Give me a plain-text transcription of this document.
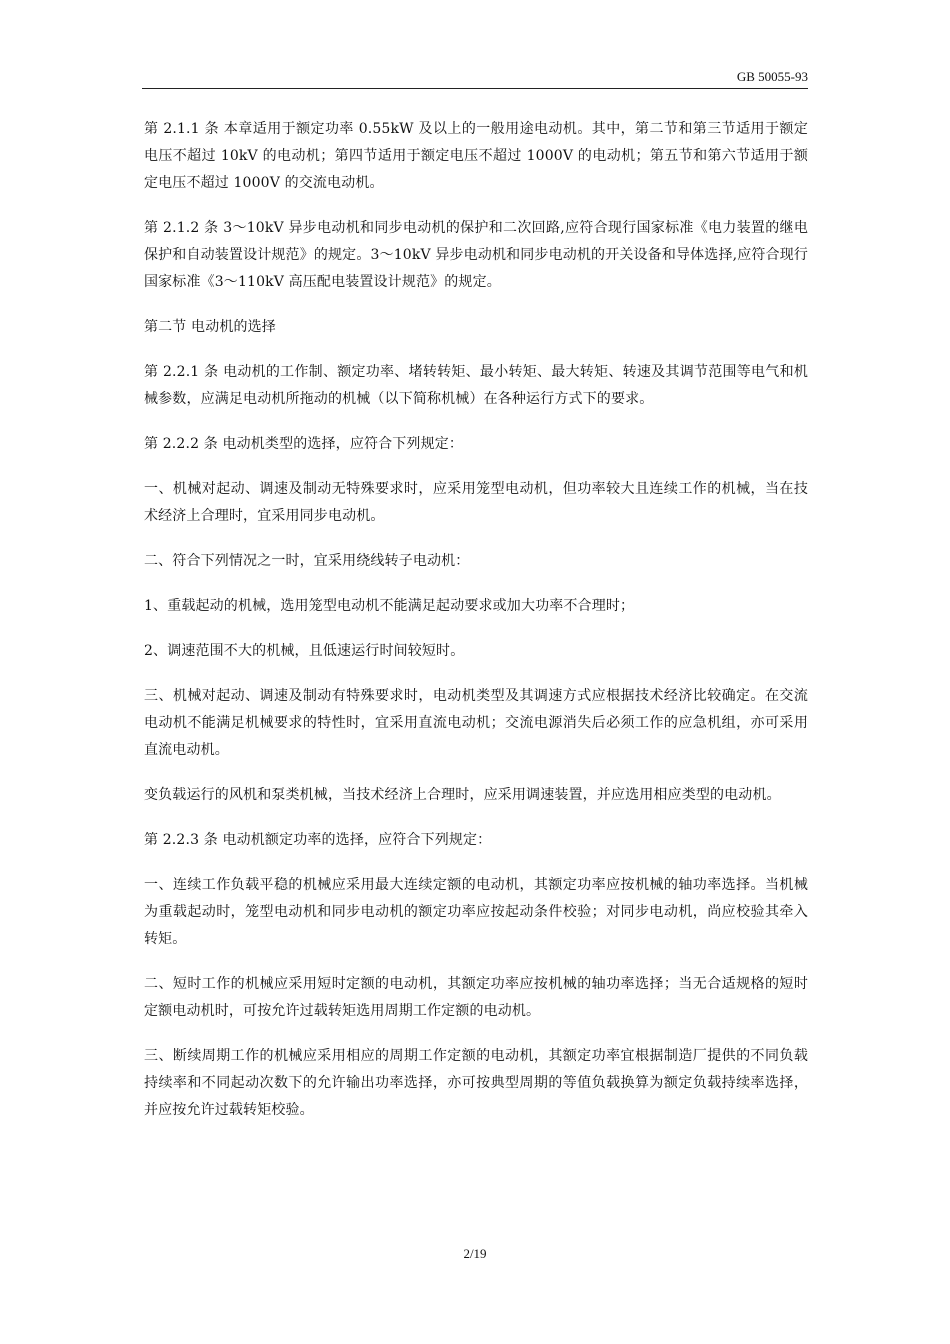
GB 50055-93

第 2.1.1 条 本章适用于额定功率 0.55kW 及以上的一般用途电动机。其中，第二节和第三节适用于额定电压不超过 10kV 的电动机；第四节适用于额定电压不超过 1000V 的电动机；第五节和第六节适用于额定电压不超过 1000V 的交流电动机。

第 2.1.2 条 3～10kV 异步电动机和同步电动机的保护和二次回路,应符合现行国家标准《电力装置的继电保护和自动装置设计规范》的规定。3～10kV 异步电动机和同步电动机的开关设备和导体选择,应符合现行国家标准《3～110kV 高压配电装置设计规范》的规定。

第二节 电动机的选择

第 2.2.1 条 电动机的工作制、额定功率、堵转转矩、最小转矩、最大转矩、转速及其调节范围等电气和机械参数，应满足电动机所拖动的机械（以下简称机械）在各种运行方式下的要求。

第 2.2.2 条 电动机类型的选择，应符合下列规定：

一、机械对起动、调速及制动无特殊要求时，应采用笼型电动机，但功率较大且连续工作的机械，当在技术经济上合理时，宜采用同步电动机。

二、符合下列情况之一时，宜采用绕线转子电动机：

1、重载起动的机械，选用笼型电动机不能满足起动要求或加大功率不合理时；

2、调速范围不大的机械，且低速运行时间较短时。

三、机械对起动、调速及制动有特殊要求时，电动机类型及其调速方式应根据技术经济比较确定。在交流电动机不能满足机械要求的特性时，宜采用直流电动机；交流电源消失后必须工作的应急机组，亦可采用直流电动机。

变负载运行的风机和泵类机械，当技术经济上合理时，应采用调速装置，并应选用相应类型的电动机。

第 2.2.3 条 电动机额定功率的选择，应符合下列规定：

一、连续工作负载平稳的机械应采用最大连续定额的电动机，其额定功率应按机械的轴功率选择。当机械为重载起动时，笼型电动机和同步电动机的额定功率应按起动条件校验；对同步电动机，尚应校验其牵入转矩。

二、短时工作的机械应采用短时定额的电动机，其额定功率应按机械的轴功率选择；当无合适规格的短时定额电动机时，可按允许过载转矩选用周期工作定额的电动机。

三、断续周期工作的机械应采用相应的周期工作定额的电动机，其额定功率宜根据制造厂提供的不同负载持续率和不同起动次数下的允许输出功率选择，亦可按典型周期的等值负载换算为额定负载持续率选择，并应按允许过载转矩校验。

2/19
